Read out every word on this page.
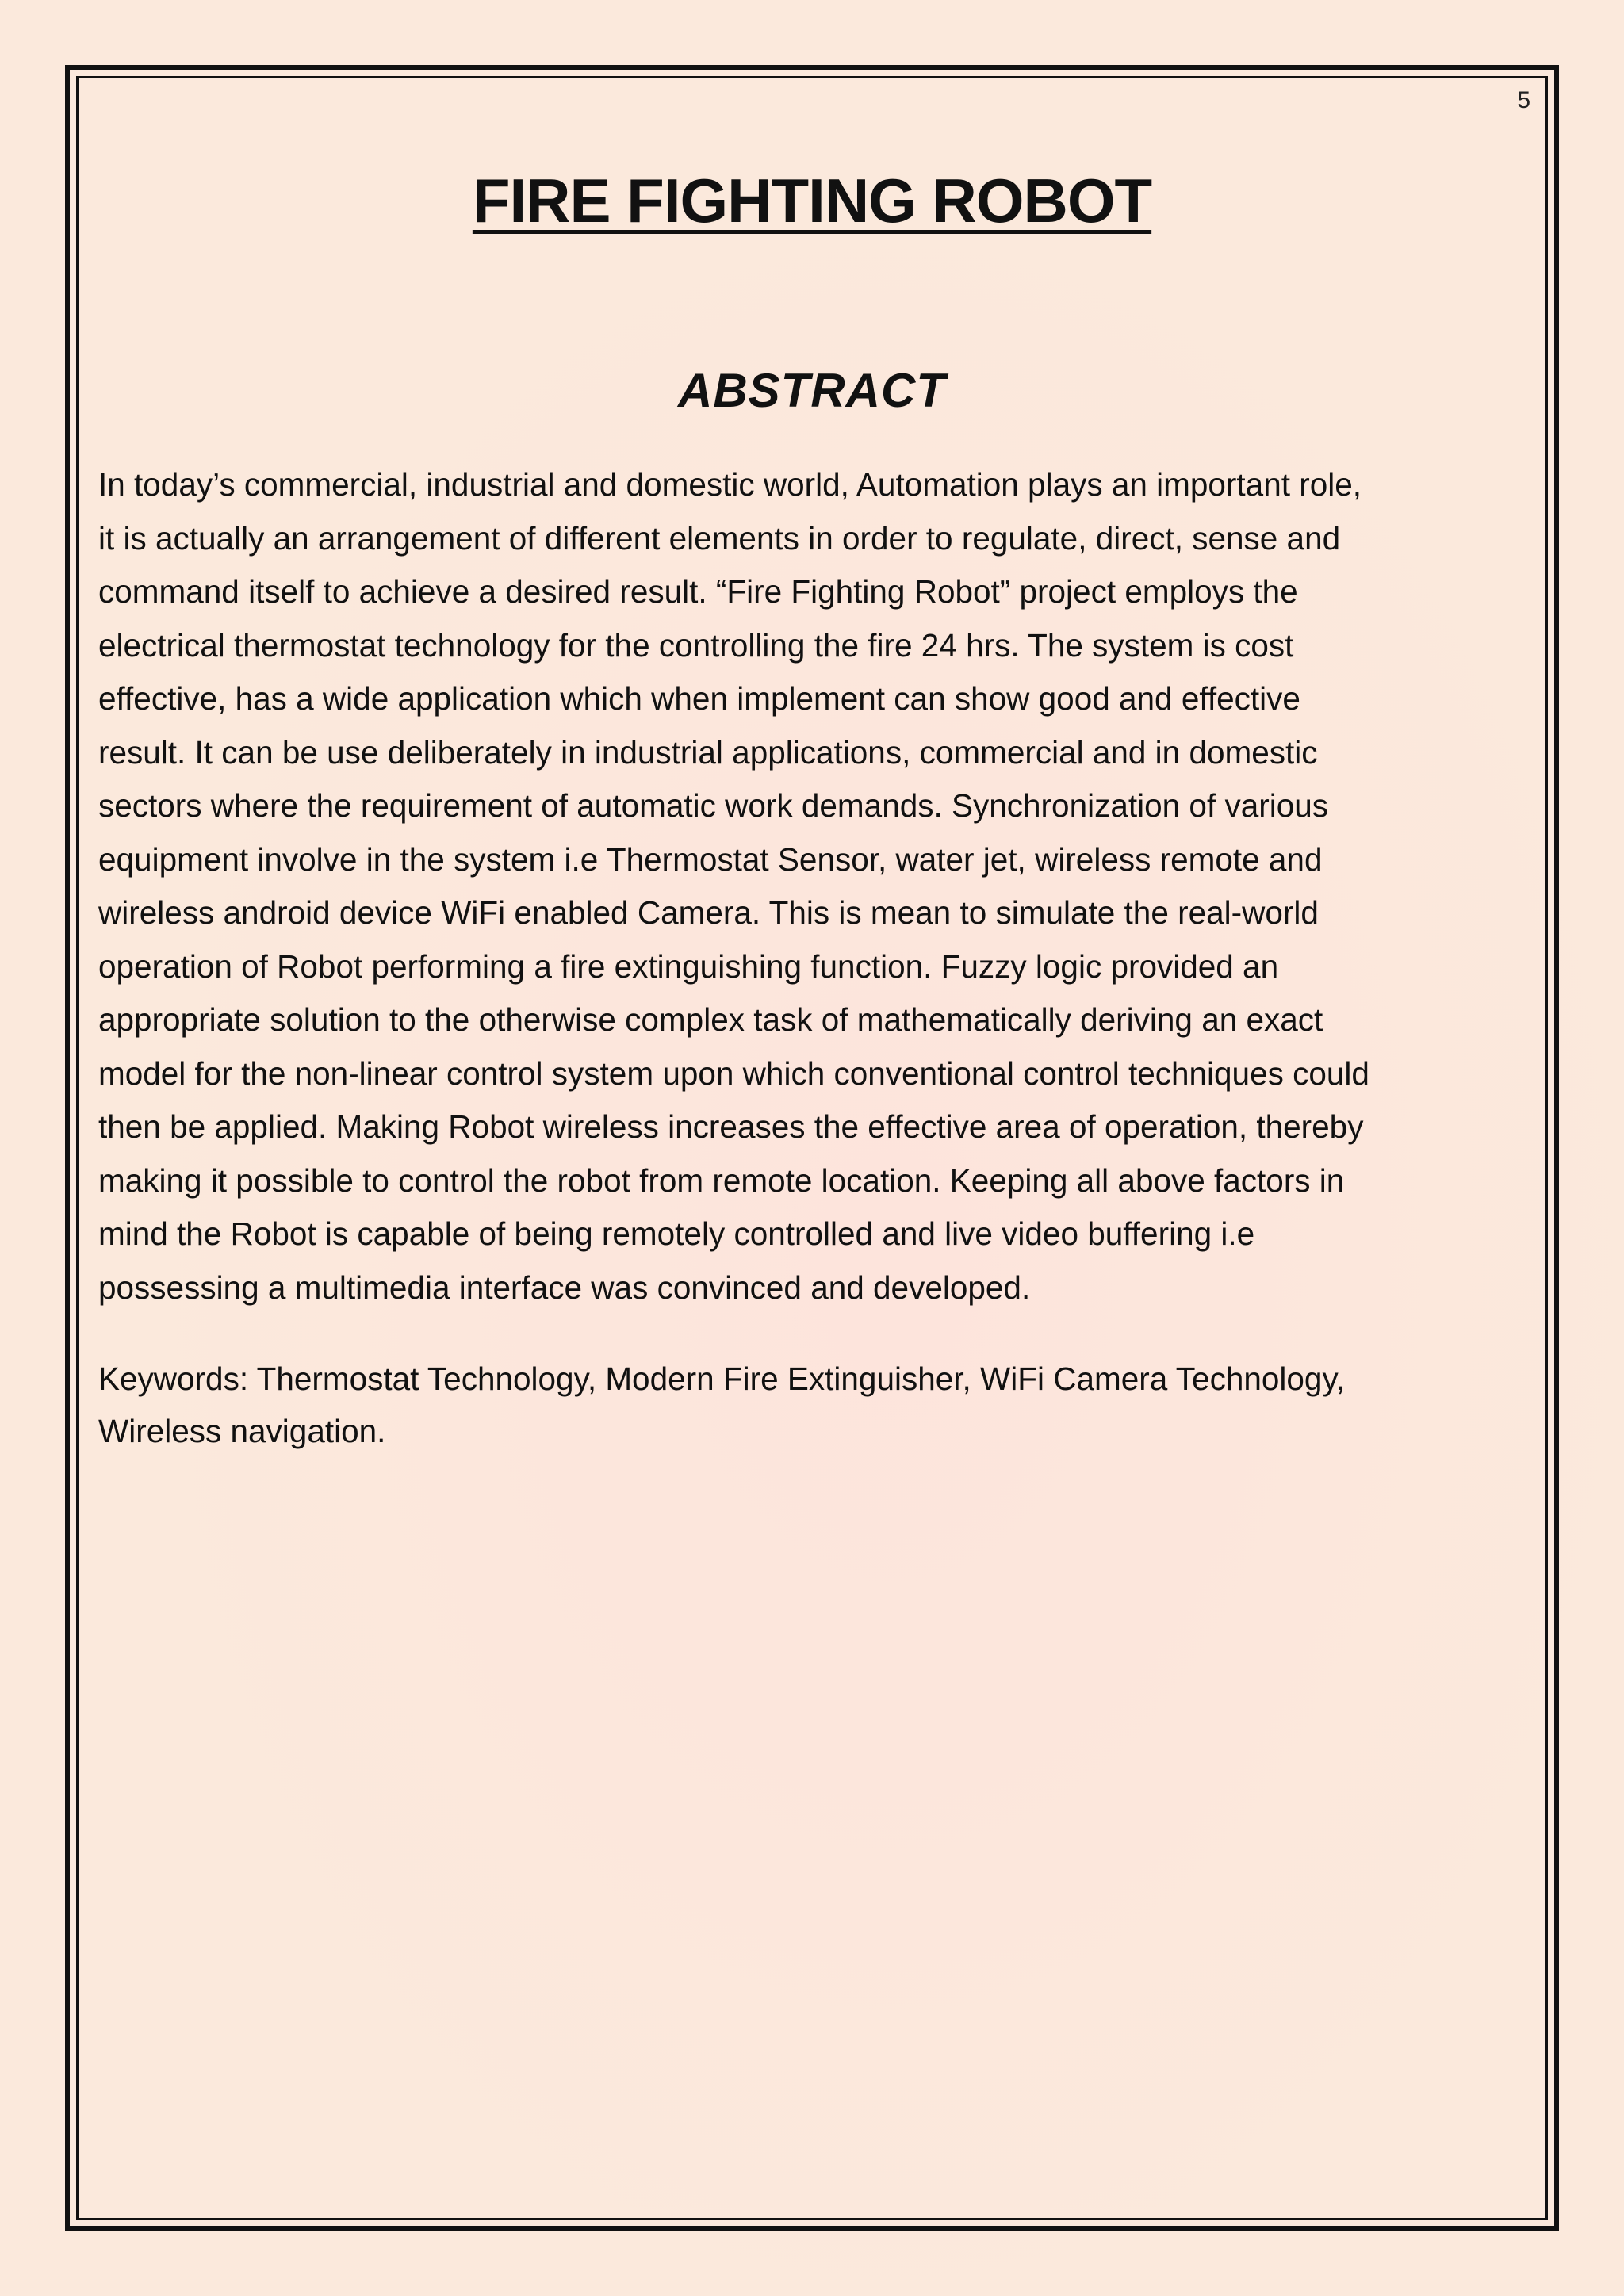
5
FIRE FIGHTING ROBOT
ABSTRACT
In today’s commercial, industrial and domestic world, Automation plays an important role,
it is actually an arrangement of different elements in order to regulate, direct, sense and
command itself to achieve a desired result. “Fire Fighting Robot” project employs the
electrical thermostat technology for the controlling the fire 24 hrs. The system is cost
effective, has a wide application which when implement can show good and effective
result. It can be use deliberately in industrial applications, commercial and in domestic
sectors where the requirement of automatic work demands. Synchronization of various
equipment involve in the system i.e Thermostat Sensor, water jet, wireless remote and
wireless android device WiFi enabled Camera. This is mean to simulate the real-world
operation of Robot performing a fire extinguishing function. Fuzzy logic provided an
appropriate solution to the otherwise complex task of mathematically deriving an exact
model for the non-linear control system upon which conventional control techniques could
then be applied. Making Robot wireless increases the effective area of operation, thereby
making it possible to control the robot from remote location. Keeping all above factors in
mind the Robot is capable of being remotely controlled and live video buffering i.e
possessing a multimedia interface was convinced and developed.
Keywords: Thermostat Technology, Modern Fire Extinguisher, WiFi Camera Technology,
Wireless navigation.
